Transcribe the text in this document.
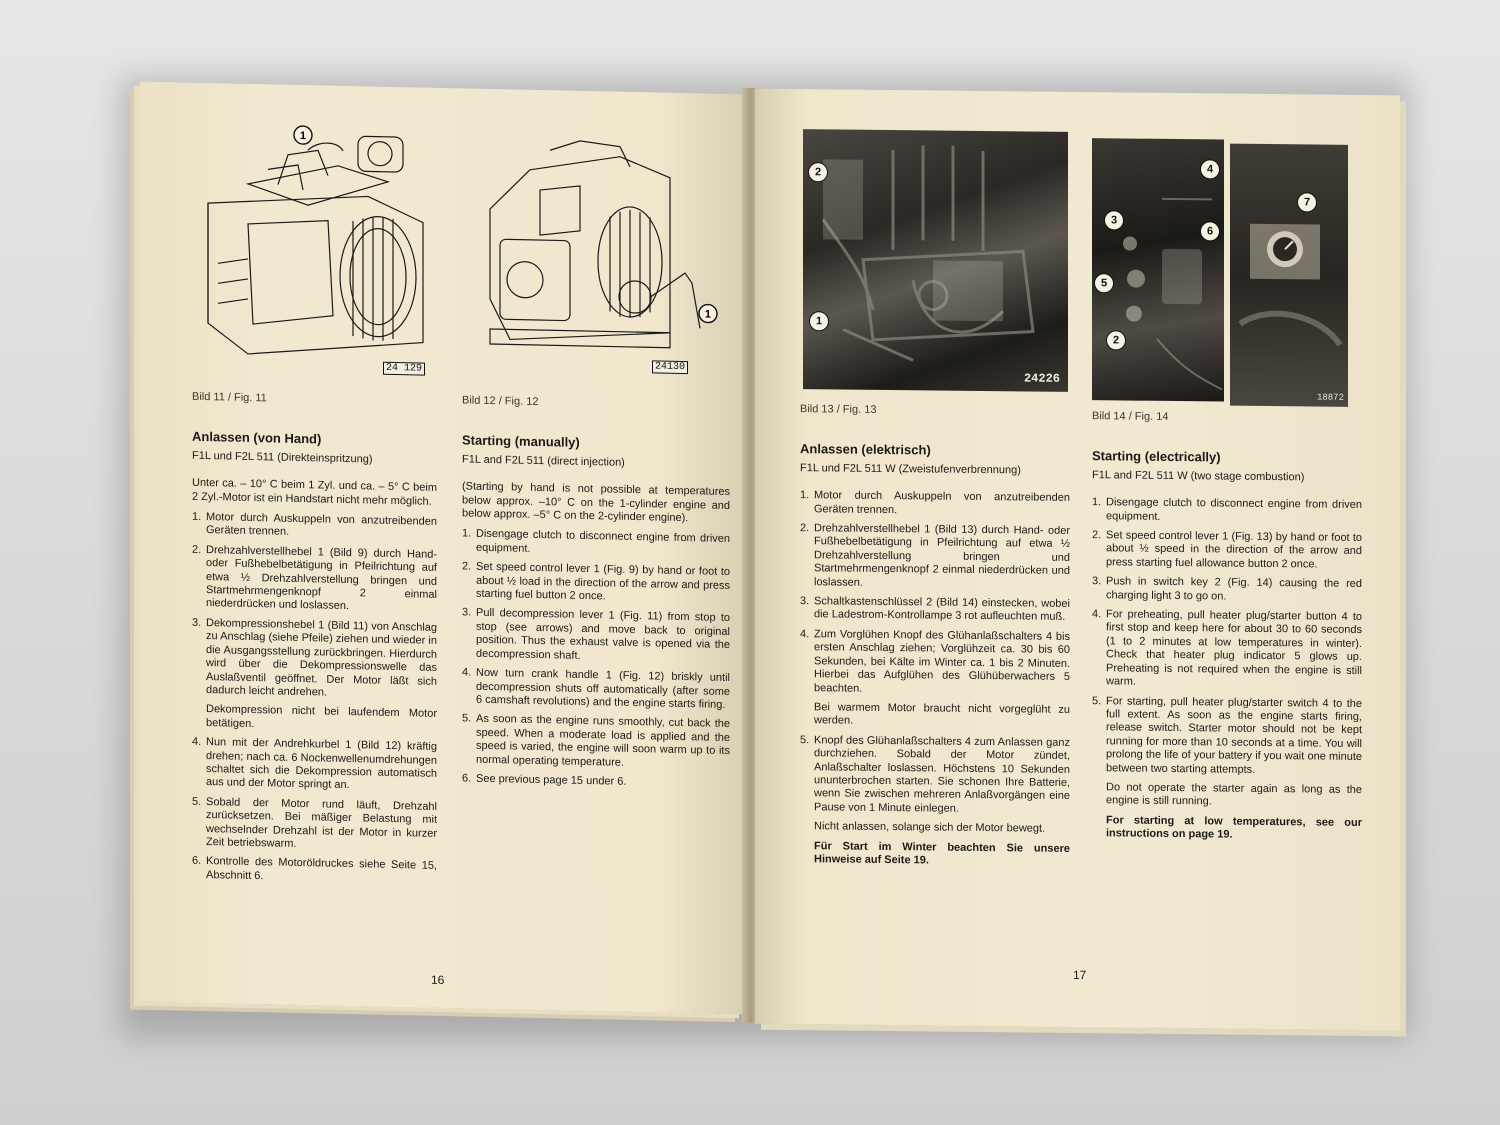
1
24 129
1
24130
Bild 11 / Fig. 11
Anlassen (von Hand)
F1L und F2L 511 (Direkteinspritzung)

Unter ca. – 10° C beim 1 Zyl. und ca. – 5° C beim 2 Zyl.-Motor ist ein Handstart nicht mehr möglich.

1. Motor durch Auskuppeln von anzutreibenden Geräten trennen.
2. Drehzahlverstellhebel 1 (Bild 9) durch Hand- oder Fußhebelbetätigung in Pfeilrichtung auf etwa ½ Drehzahlverstellung bringen und Startmehrmengenknopf 2 einmal niederdrücken und loslassen.
3. Dekompressionshebel 1 (Bild 11) von Anschlag zu Anschlag (siehe Pfeile) ziehen und wieder in die Ausgangsstellung zurückbringen. Hierdurch wird über die Dekompressionswelle das Auslaßventil geöffnet. Der Motor läßt sich dadurch leicht andrehen.
Dekompression nicht bei laufendem Motor betätigen.
4. Nun mit der Andrehkurbel 1 (Bild 12) kräftig drehen; nach ca. 6 Nockenwellenumdrehungen schaltet sich die Dekompression automatisch aus und der Motor springt an.
5. Sobald der Motor rund läuft, Drehzahl zurücksetzen. Bei mäßiger Belastung mit wechselnder Drehzahl ist der Motor in kurzer Zeit betriebswarm.
6. Kontrolle des Motoröldruckes siehe Seite 15, Abschnitt 6.
Bild 12 / Fig. 12
Starting (manually)
F1L and F2L 511 (direct injection)

(Starting by hand is not possible at temperatures below approx. –10° C on the 1-cylinder engine and below approx. –5° C on the 2-cylinder engine).

1. Disengage clutch to disconnect engine from driven equipment.
2. Set speed control lever 1 (Fig. 9) by hand or foot to about ½ load in the direction of the arrow and press starting fuel button 2 once.
3. Pull decompression lever 1 (Fig. 11) from stop to stop (see arrows) and move back to original position. Thus the exhaust valve is opened via the decompression shaft.
4. Now turn crank handle 1 (Fig. 12) briskly until decompression shuts off automatically (after some 6 camshaft revolutions) and the engine starts firing.
5. As soon as the engine runs smoothly, cut back the speed. When a moderate load is applied and the speed is varied, the engine will soon warm up to its normal operating temperature.
6. See previous page 15 under 6.
16
2
1
24226
4
3
6
5
2
7
18872
Bild 13 / Fig. 13
Anlassen (elektrisch)
F1L und F2L 511 W (Zweistufenverbrennung)
1. Motor durch Auskuppeln von anzutreibenden Geräten trennen.
2. Drehzahlverstellhebel 1 (Bild 13) durch Hand- oder Fußhebelbetätigung in Pfeilrichtung auf etwa ½ Drehzahlverstellung bringen und Startmehrmengenknopf 2 einmal niederdrücken und loslassen.
3. Schaltkastenschlüssel 2 (Bild 14) einstecken, wobei die Ladestrom-Kontrollampe 3 rot aufleuchten muß.
4. Zum Vorglühen Knopf des Glühanlaßschalters 4 bis ersten Anschlag ziehen; Vorglühzeit ca. 30 bis 60 Sekunden, bei Kälte im Winter ca. 1 bis 2 Minuten. Hierbei das Aufglühen des Glühüberwachers 5 beachten.
Bei warmem Motor braucht nicht vorgeglüht zu werden.
5. Knopf des Glühanlaßschalters 4 zum Anlassen ganz durchziehen. Sobald der Motor zündet, Anlaßschalter loslassen. Höchstens 10 Sekunden ununterbrochen starten. Sie schonen Ihre Batterie, wenn Sie zwischen mehreren Anlaßvorgängen eine Pause von 1 Minute einlegen.
Nicht anlassen, solange sich der Motor bewegt.
Für Start im Winter beachten Sie unsere Hinweise auf Seite 19.
Bild 14 / Fig. 14
Starting (electrically)
F1L and F2L 511 W (two stage combustion)
1. Disengage clutch to disconnect engine from driven equipment.
2. Set speed control lever 1 (Fig. 13) by hand or foot to about ½ speed in the direction of the arrow and press starting fuel allowance button 2 once.
3. Push in switch key 2 (Fig. 14) causing the red charging light 3 to go on.
4. For preheating, pull heater plug/starter button 4 to first stop and keep here for about 30 to 60 seconds (1 to 2 minutes at low temperatures in winter). Check that heater plug indicator 5 glows up. Preheating is not required when the engine is still warm.
5. For starting, pull heater plug/starter switch 4 to the full extent. As soon as the engine starts firing, release switch. Starter motor should not be kept running for more than 10 seconds at a time. You will prolong the life of your battery if you wait one minute between two starting attempts.
Do not operate the starter again as long as the engine is still running.
For starting at low temperatures, see our instructions on page 19.
17
